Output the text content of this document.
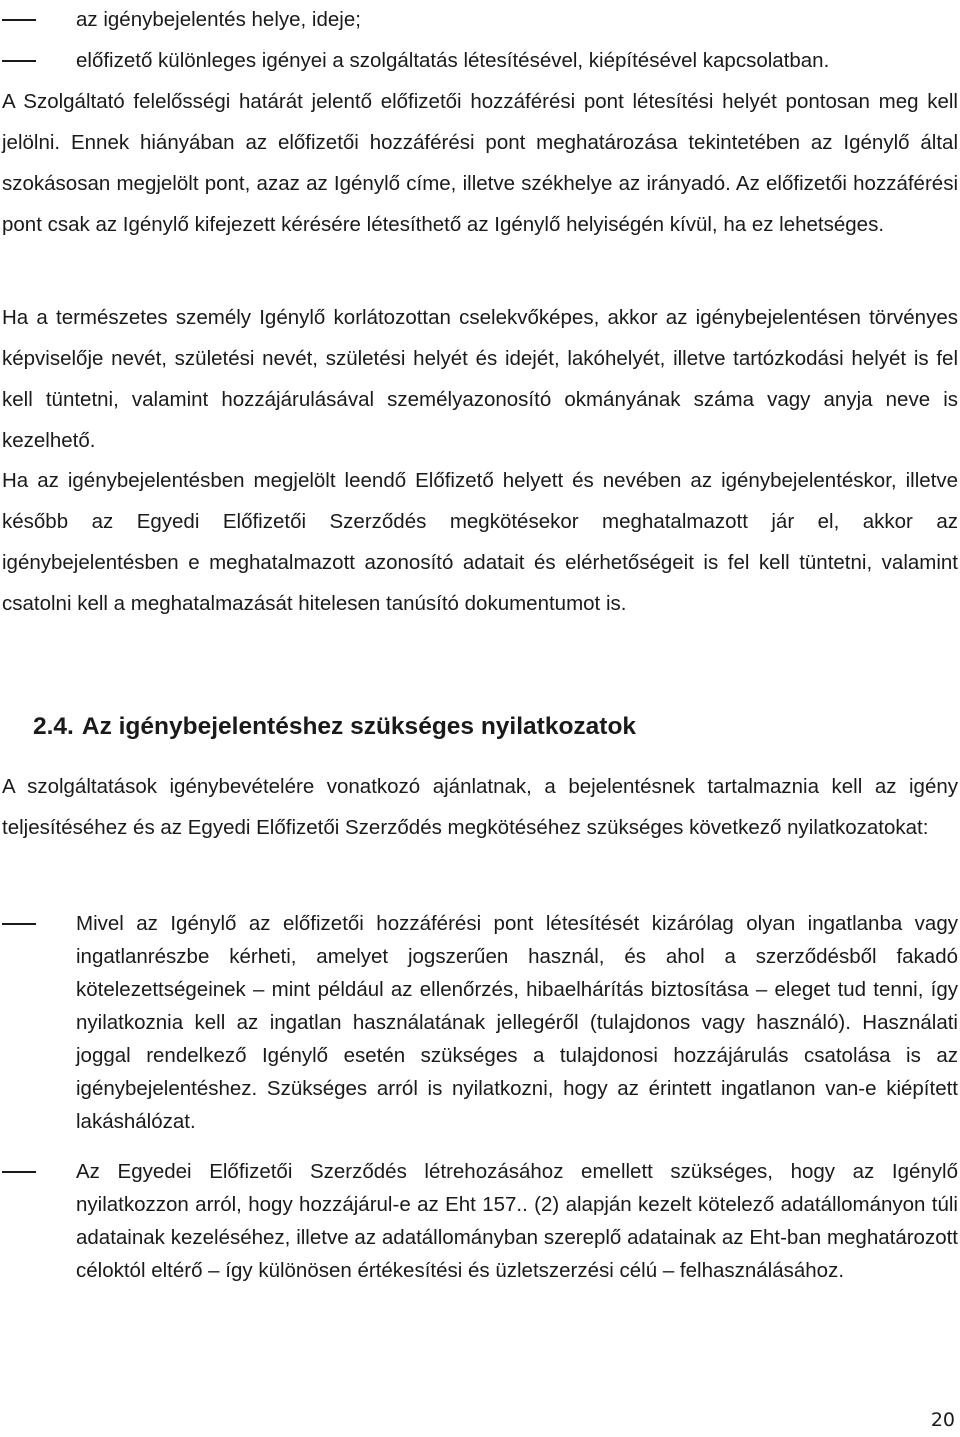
az igénybejelentés helye, ideje;
előfizető különleges igényei a szolgáltatás létesítésével, kiépítésével kapcsolatban.
A Szolgáltató felelősségi határát jelentő előfizetői hozzáférési pont létesítési helyét pontosan meg kell jelölni. Ennek hiányában az előfizetői hozzáférési pont meghatározása tekintetében az Igénylő által szokásosan megjelölt pont, azaz az Igénylő címe, illetve székhelye az irányadó. Az előfizetői hozzáférési pont csak az Igénylő kifejezett kérésére létesíthető az Igénylő helyiségén kívül, ha ez lehetséges.
Ha a természetes személy Igénylő korlátozottan cselekvőképes, akkor az igénybejelentésen törvényes képviselője nevét, születési nevét, születési helyét és idejét, lakóhelyét, illetve tartózkodási helyét is fel kell tüntetni, valamint hozzájárulásával személyazonosító okmányának száma vagy anyja neve is kezelhető.
Ha az igénybejelentésben megjelölt leendő Előfizető helyett és nevében az igénybejelentéskor, illetve később az Egyedi Előfizetői Szerződés megkötésekor meghatalmazott jár el, akkor az igénybejelentésben e meghatalmazott azonosító adatait és elérhetőségeit is fel kell tüntetni, valamint csatolni kell a meghatalmazását hitelesen tanúsító dokumentumot is.
2.4. Az igénybejelentéshez szükséges nyilatkozatok
A szolgáltatások igénybevételére vonatkozó ajánlatnak, a bejelentésnek tartalmaznia kell az igény teljesítéséhez és az Egyedi Előfizetői Szerződés megkötéséhez szükséges következő nyilatkozatokat:
Mivel az Igénylő az előfizetői hozzáférési pont létesítését kizárólag olyan ingatlanba vagy ingatlanrészbe kérheti, amelyet jogszerűen használ, és ahol a szerződésből fakadó kötelezettségeinek – mint például az ellenőrzés, hibaelhárítás biztosítása – eleget tud tenni, így nyilatkoznia kell az ingatlan használatának jellegéről (tulajdonos vagy használó). Használati joggal rendelkező Igénylő esetén szükséges a tulajdonosi hozzájárulás csatolása is az igénybejelentéshez. Szükséges arról is nyilatkozni, hogy az érintett ingatlanon van-e kiépített lakáshálózat.
Az Egyedei Előfizetői Szerződés létrehozásához emellett szükséges, hogy az Igénylő nyilatkozzon arról, hogy hozzájárul-e az Eht 157.. (2) alapján kezelt kötelező adatállományon túli adatainak kezeléséhez, illetve az adatállományban szereplő adatainak az Eht-ban meghatározott céloktól eltérő – így különösen értékesítési és üzletszerzési célú – felhasználásához.
20
